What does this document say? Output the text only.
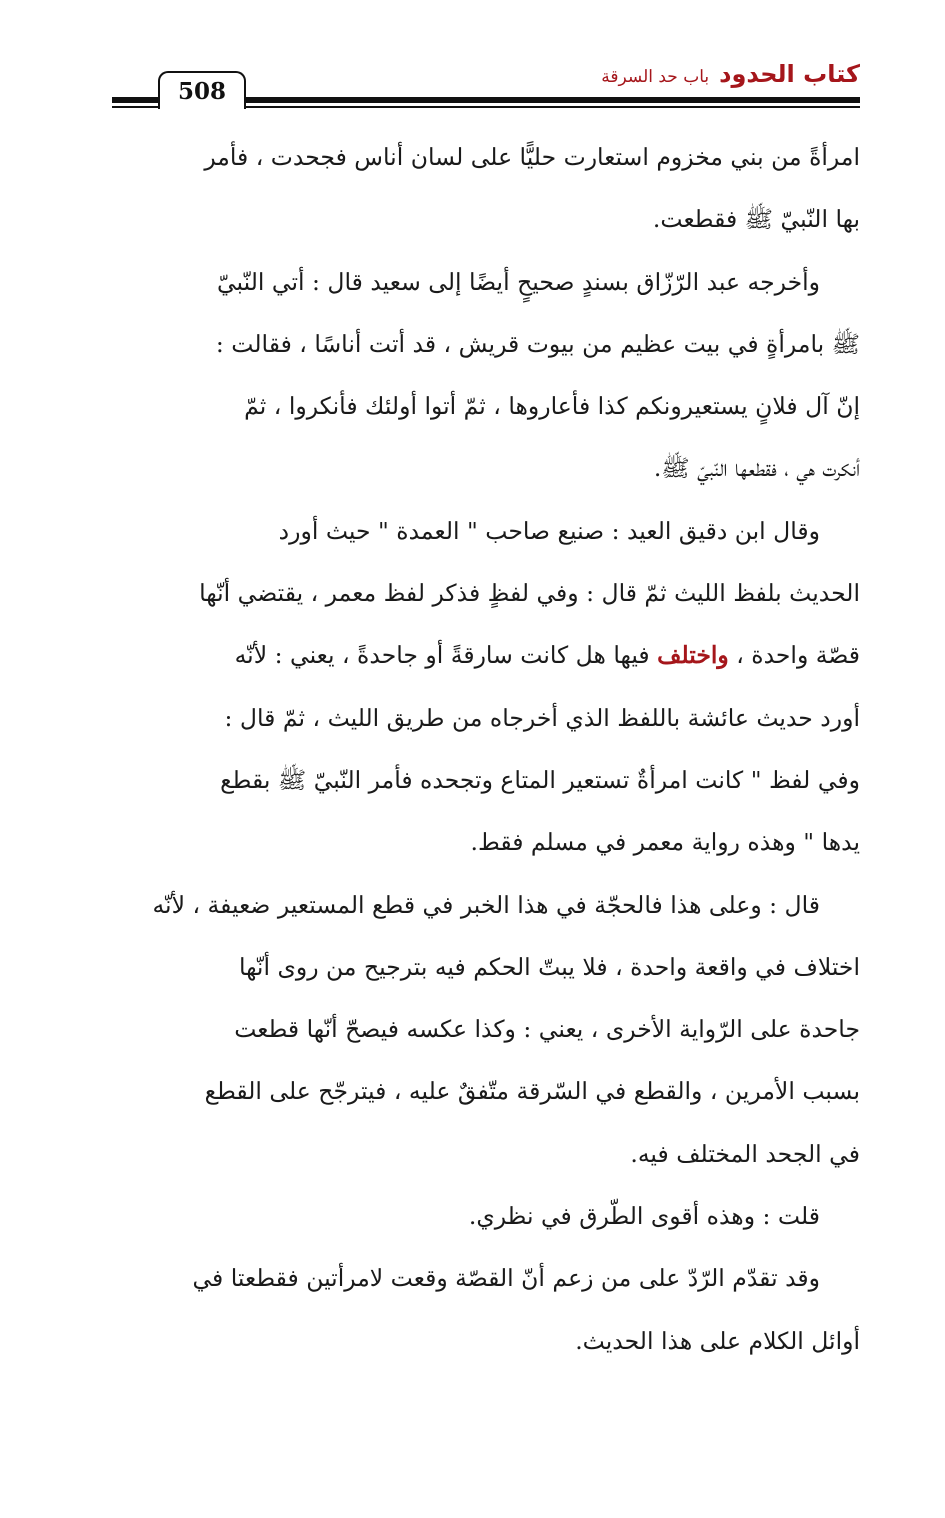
كتاب الحدودباب حد السرقة
508

امرأةً من بني مخزوم استعارت حليًّا على لسان أناس فجحدت ، فأمر
بها النّبيّ ﷺ فقطعت.

وأخرجه عبد الرّزّاق بسندٍ صحيحٍ أيضًا إلى سعيد قال : أتي النّبيّ
ﷺ بامرأةٍ في بيت عظيم من بيوت قريش ، قد أتت أناسًا ، فقالت :
إنّ آل فلانٍ يستعيرونكم كذا فأعاروها ، ثمّ أتوا أولئك فأنكروا ، ثمّ
أنكرت هي ، فقطعها النّبيّ ﷺ.

وقال ابن دقيق العيد : صنيع صاحب " العمدة " حيث أورد
الحديث بلفظ الليث ثمّ قال : وفي لفظٍ فذكر لفظ معمر ، يقتضي أنّها
قصّة واحدة ، واختلف فيها هل كانت سارقةً أو جاحدةً ، يعني : لأنّه
أورد حديث عائشة باللفظ الذي أخرجاه من طريق الليث ، ثمّ قال :
وفي لفظ " كانت امرأةٌ تستعير المتاع وتجحده فأمر النّبيّ ﷺ بقطع
يدها " وهذه رواية معمر في مسلم فقط.

قال : وعلى هذا فالحجّة في هذا الخبر في قطع المستعير ضعيفة ، لأنّه
اختلاف في واقعة واحدة ، فلا يبتّ الحكم فيه بترجيح من روى أنّها
جاحدة على الرّواية الأخرى ، يعني : وكذا عكسه فيصحّ أنّها قطعت
بسبب الأمرين ، والقطع في السّرقة متّفقٌ عليه ، فيترجّح على القطع
في الجحد المختلف فيه.

قلت : وهذه أقوى الطّرق في نظري.

وقد تقدّم الرّدّ على من زعم أنّ القصّة وقعت لامرأتين فقطعتا في
أوائل الكلام على هذا الحديث.
